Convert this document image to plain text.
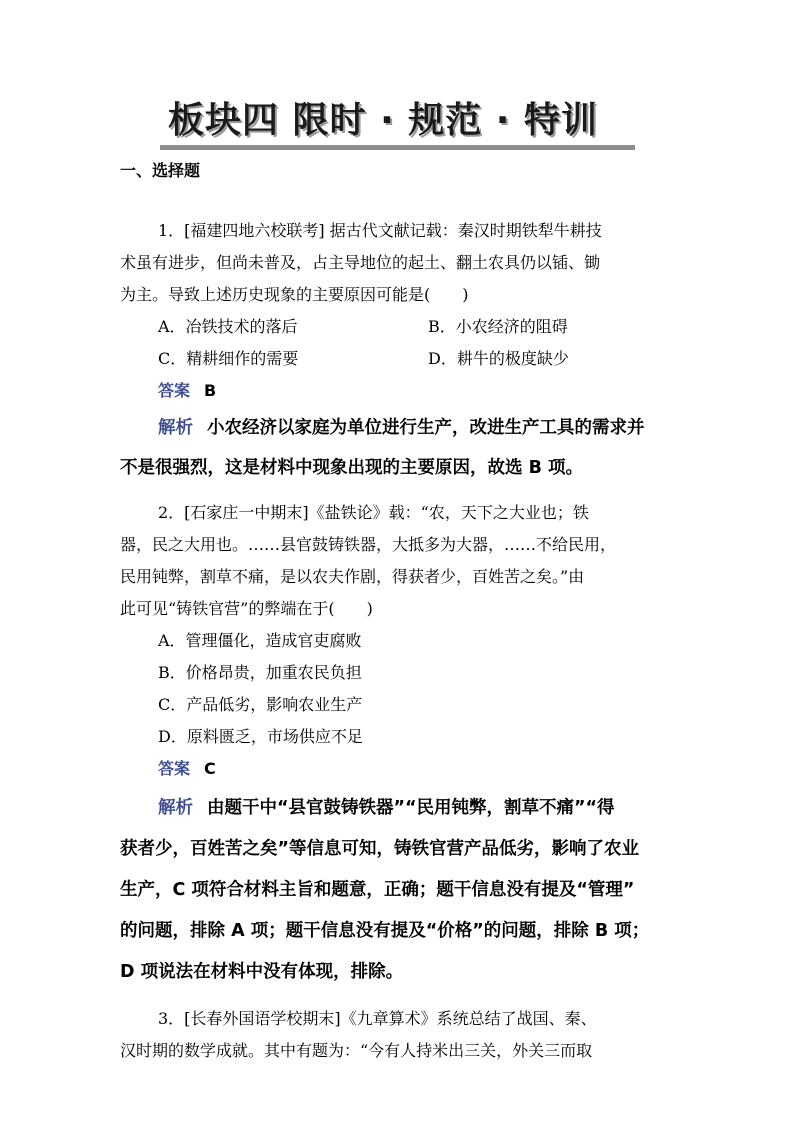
板块四 限时 · 规范 · 特训
一、选择题
1．[福建四地六校联考] 据古代文献记载：秦汉时期铁犁牛耕技
术虽有进步，但尚未普及，占主导地位的起土、翻土农具仍以锸、锄
为主。导致上述历史现象的主要原因可能是(　　)
A．冶铁技术的落后	B．小农经济的阻碍
C．精耕细作的需要	D．耕牛的极度缺少
答案 B
解析 小农经济以家庭为单位进行生产，改进生产工具的需求并
不是很强烈，这是材料中现象出现的主要原因，故选 B 项。
2．[石家庄一中期末]《盐铁论》载：“农，天下之大业也；铁
器，民之大用也。……县官鼓铸铁器，大抵多为大器，……不给民用，
民用钝弊，割草不痛，是以农夫作剧，得获者少，百姓苦之矣。”由
此可见“铸铁官营”的弊端在于(　　)
A．管理僵化，造成官吏腐败
B．价格昂贵，加重农民负担
C．产品低劣，影响农业生产
D．原料匮乏，市场供应不足
答案 C
解析 由题干中“县官鼓铸铁器”“民用钝弊，割草不痛”“得
获者少，百姓苦之矣”等信息可知，铸铁官营产品低劣，影响了农业
生产，C 项符合材料主旨和题意，正确；题干信息没有提及“管理”
的问题，排除 A 项；题干信息没有提及“价格”的问题，排除 B 项；
D 项说法在材料中没有体现，排除。
3．[长春外国语学校期末]《九章算术》系统总结了战国、秦、
汉时期的数学成就。其中有题为：“今有人持米出三关，外关三而取
